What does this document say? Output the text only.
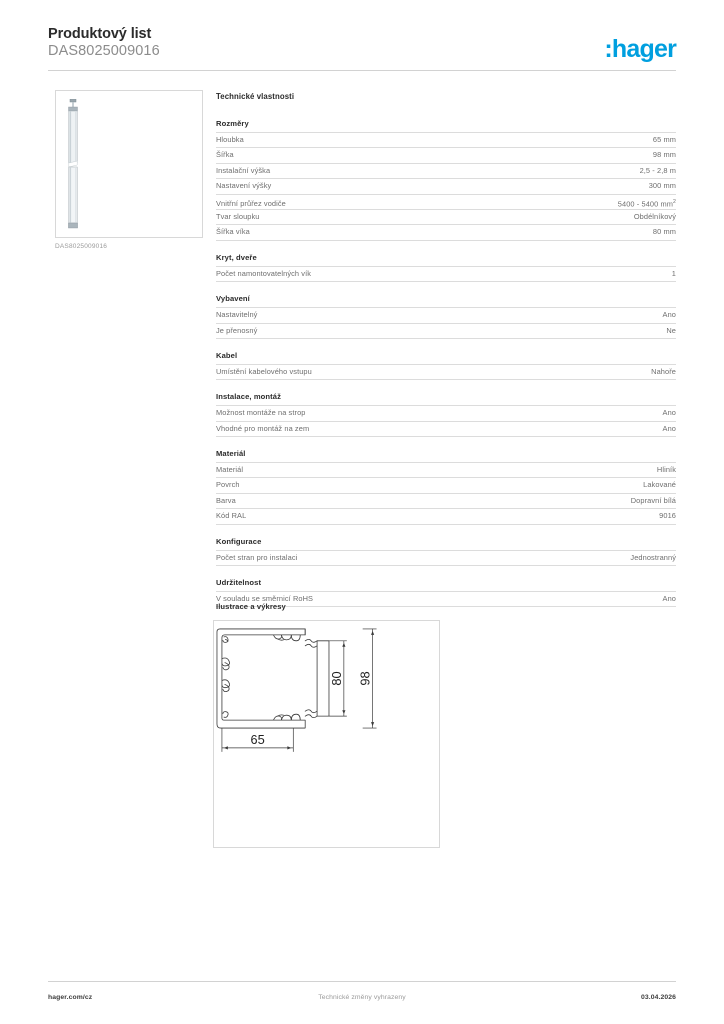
Produktový list
DAS8025009016	:hager
DAS8025009016
Technické vlastnosti
Rozměry
Hloubka	65 mm
Šířka	98 mm
Instalační výška	2,5 - 2,8 m
Nastavení výšky	300 mm
Vnitřní průřez vodiče	5400 - 5400 $mm^2$
Tvar sloupku	Obdélníkový
Šířka víka	80 mm
Kryt, dveře
Počet namontovatelných vík	1
Vybavení
Nastavitelný	Ano
Je přenosný	Ne
Kabel
Umístění kabelového vstupu	Nahoře
Instalace, montáž
Možnost montáže na strop	Ano
Vhodné pro montáž na zem	Ano
Materiál
Materiál	Hliník
Povrch	Lakované
Barva	Dopravní bílá
Kód RAL	9016
Konfigurace
Počet stran pro instalaci	Jednostranný
Udržitelnost
V souladu se směrnicí RoHS	Ano
Ilustrace a výkresy
80 98
65
hager.com/cz	Technické změny vyhrazeny	03.04.2026
